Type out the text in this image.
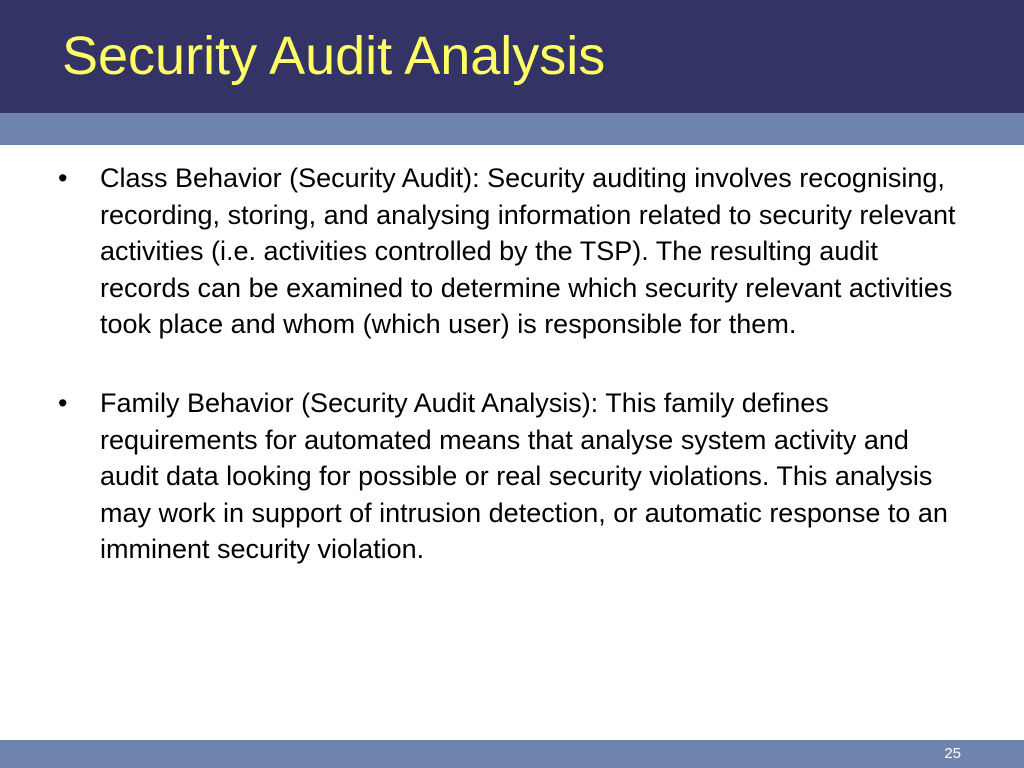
Security Audit Analysis
•	Class Behavior (Security Audit): Security auditing involves recognising, recording, storing, and analysing information related to security relevant activities (i.e. activities controlled by the TSP). The resulting audit records can be examined to determine which security relevant activities took place and whom (which user) is responsible for them.
•	Family Behavior (Security Audit Analysis): This family defines requirements for automated means that analyse system activity and audit data looking for possible or real security violations. This analysis may work in support of intrusion detection, or automatic response to an imminent security violation.
25
